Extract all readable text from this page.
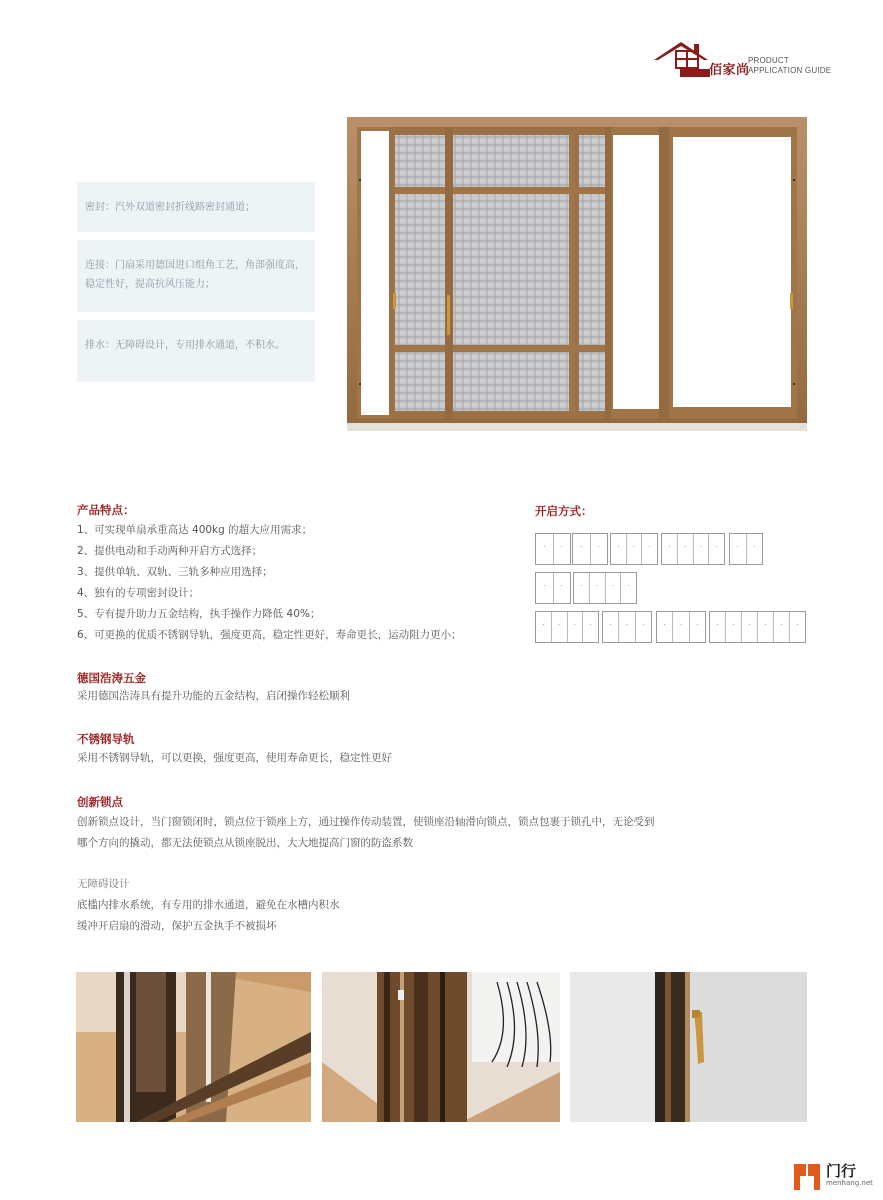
B J S 佰家尚
PRODUCT
APPLICATION GUIDE
密封：汽外双道密封折线路密封通道；
连接：门扇采用德国进口组角工艺，角部强度高，稳定性好，提高抗风压能力；
排水：无障碍设计，专用排水通道，不积水。
产品特点：
1、可实现单扇承重高达 400kg 的超大应用需求；
2、提供电动和手动两种开启方式选择；
3、提供单轨、双轨、三轨多种应用选择；
4、独有的专项密封设计；
5、专有提升助力五金结构，执手操作力降低 40%；
6、可更换的优质不锈钢导轨，强度更高，稳定性更好，寿命更长，运动阻力更小；
开启方式：
·	·	·	·	·	·	·	·	·	·	·	·	·
·	·	·	·	·	·
·	·	·	·	·	·	·	·	·	·	·	·	·	·	·	·
德国浩涛五金
采用德国浩涛具有提升功能的五金结构，启闭操作轻松顺利
不锈钢导轨
采用不锈钢导轨，可以更换，强度更高，使用寿命更长，稳定性更好
创新锁点
创新锁点设计，当门窗锁闭时，锁点位于锁座上方，通过操作传动装置，使锁座沿轴滑向锁点，锁点包裹于锁孔中，无论受到
哪个方向的撬动，都无法使锁点从锁座脱出，大大地提高门窗的防盗系数
无障碍设计
底槛内排水系统，有专用的排水通道，避免在水槽内积水
缓冲开启扇的滑动，保护五金执手不被损坏
门行
menhang.net
